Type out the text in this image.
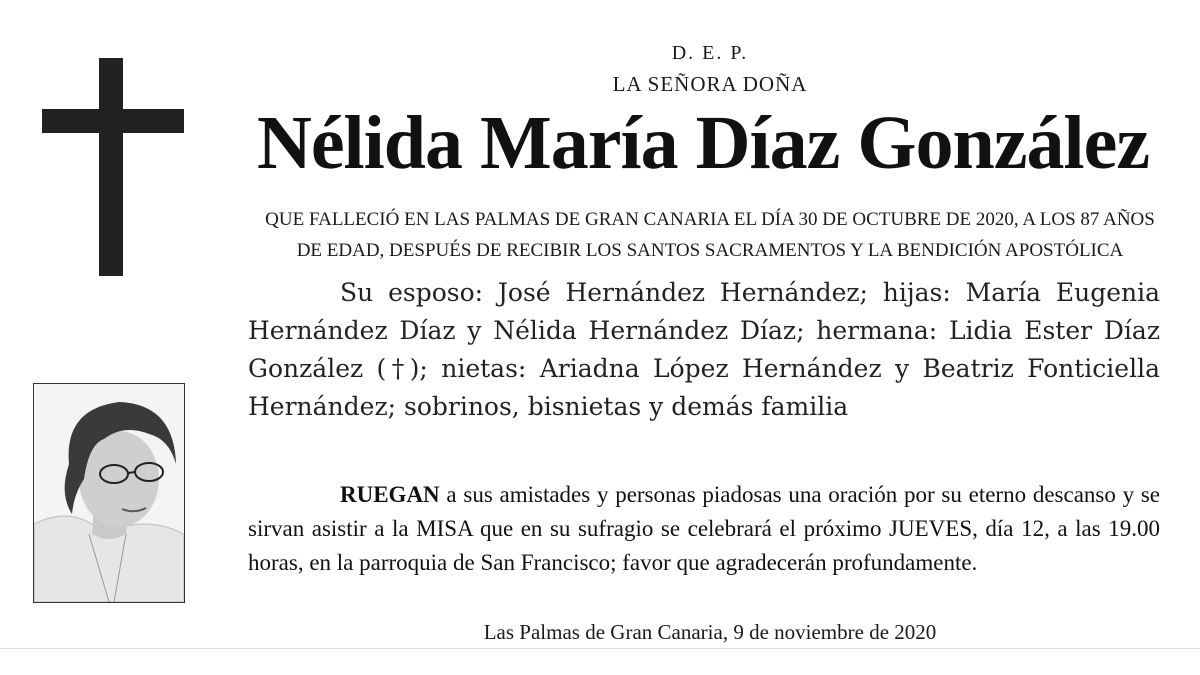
D. E. P.
LA SEÑORA DOÑA
Nélida María Díaz González
QUE FALLECIÓ EN LAS PALMAS DE GRAN CANARIA EL DÍA 30 DE OCTUBRE DE 2020, A LOS 87 AÑOS
DE EDAD, DESPUÉS DE RECIBIR LOS SANTOS SACRAMENTOS Y LA BENDICIÓN APOSTÓLICA
Su esposo: José Hernández Hernández; hijas: María Eugenia Hernández Díaz y Nélida Hernández Díaz; hermana: Lidia Ester Díaz González (†); nietas: Ariadna López Hernández y Beatriz Fonticiella Hernández; sobrinos, bisnietas y demás familia
RUEGAN a sus amistades y personas piadosas una oración por su eterno descanso y se sirvan asistir a la MISA que en su sufragio se celebrará el próximo JUEVES, día 12, a las 19.00 horas, en la parroquia de San Francisco; favor que agradecerán profundamente.
Las Palmas de Gran Canaria, 9 de noviembre de 2020
